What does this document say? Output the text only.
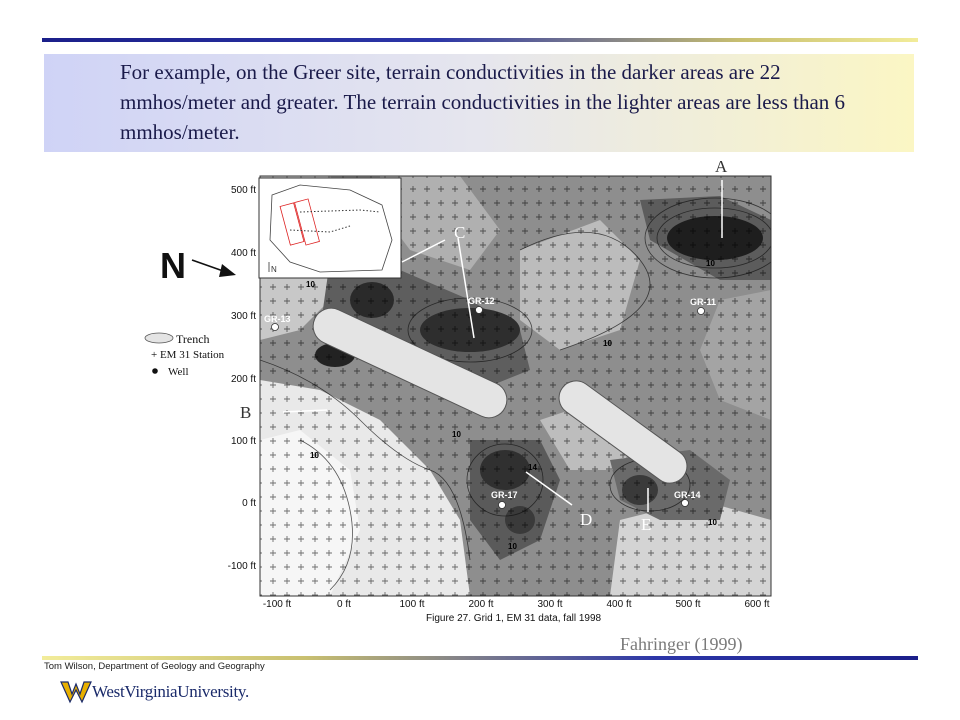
For example, on the Greer site, terrain conductivities in the darker areas are 22 mmhos/meter and greater. The terrain conductivities in the lighter areas are less than 6 mmhos/meter.
GR-13
GR-12	GR-11
GR-17	GR-14
10
10
10
10
10
14
10
10
C
D	E
A
B
N
N
Trench
+ EM 31 Station
Well
500 ft
400 ft
300 ft
200 ft
100 ft
0 ft
-100 ft
-100 ft	0 ft	100 ft	200 ft	300 ft	400 ft	500 ft	600 ft
Figure 27. Grid 1, EM 31 data, fall 1998
Fahringer (1999)
Tom Wilson, Department of Geology and Geography
WestVirginiaUniversity.
